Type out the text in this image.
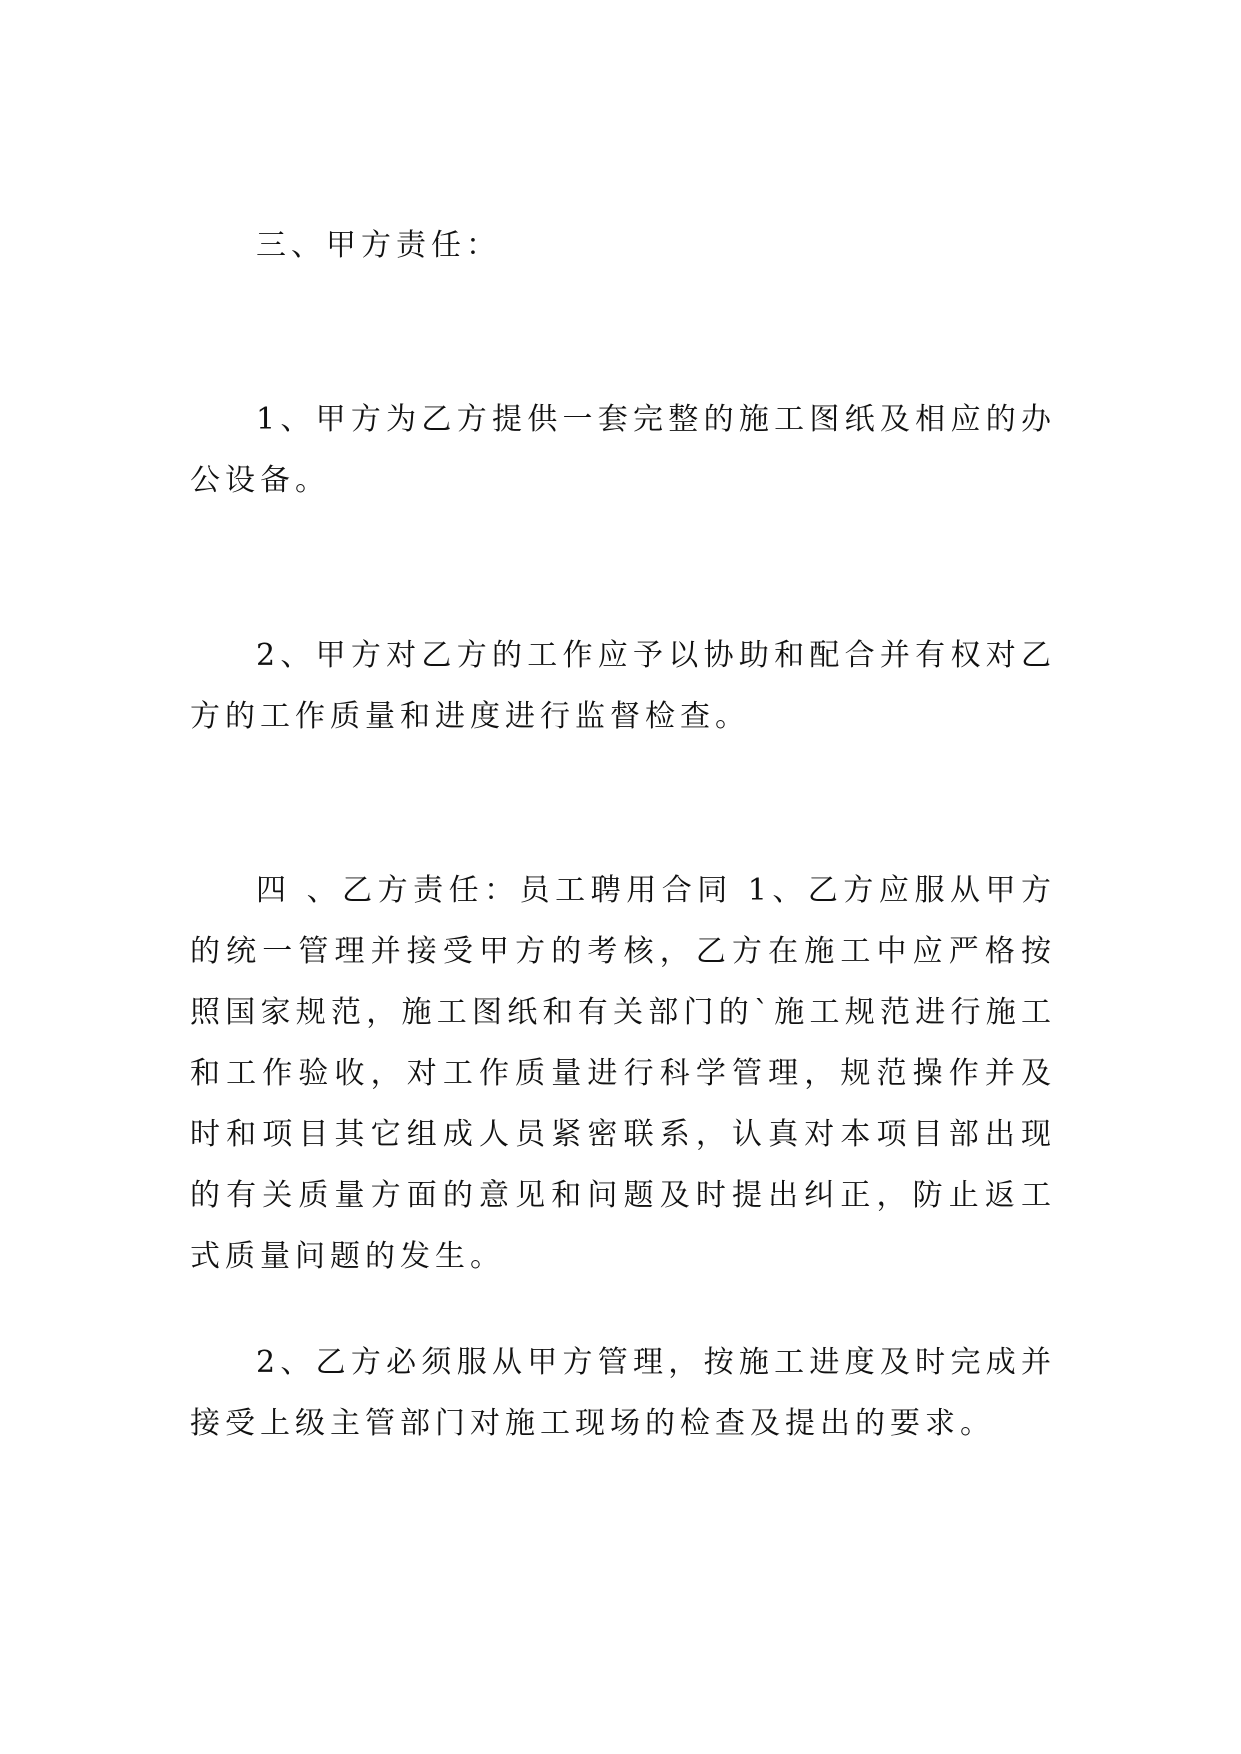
三、甲方责任：

1、甲方为乙方提供一套完整的施工图纸及相应的办公设备。

2、甲方对乙方的工作应予以协助和配合并有权对乙方的工作质量和进度进行监督检查。

四 、乙方责任：员工聘用合同 1、乙方应服从甲方的统一管理并接受甲方的考核，乙方在施工中应严格按照国家规范，施工图纸和有关部门的`施工规范进行施工和工作验收，对工作质量进行科学管理，规范操作并及时和项目其它组成人员紧密联系，认真对本项目部出现的有关质量方面的意见和问题及时提出纠正，防止返工式质量问题的发生。

2、乙方必须服从甲方管理，按施工进度及时完成并接受上级主管部门对施工现场的检查及提出的要求。
